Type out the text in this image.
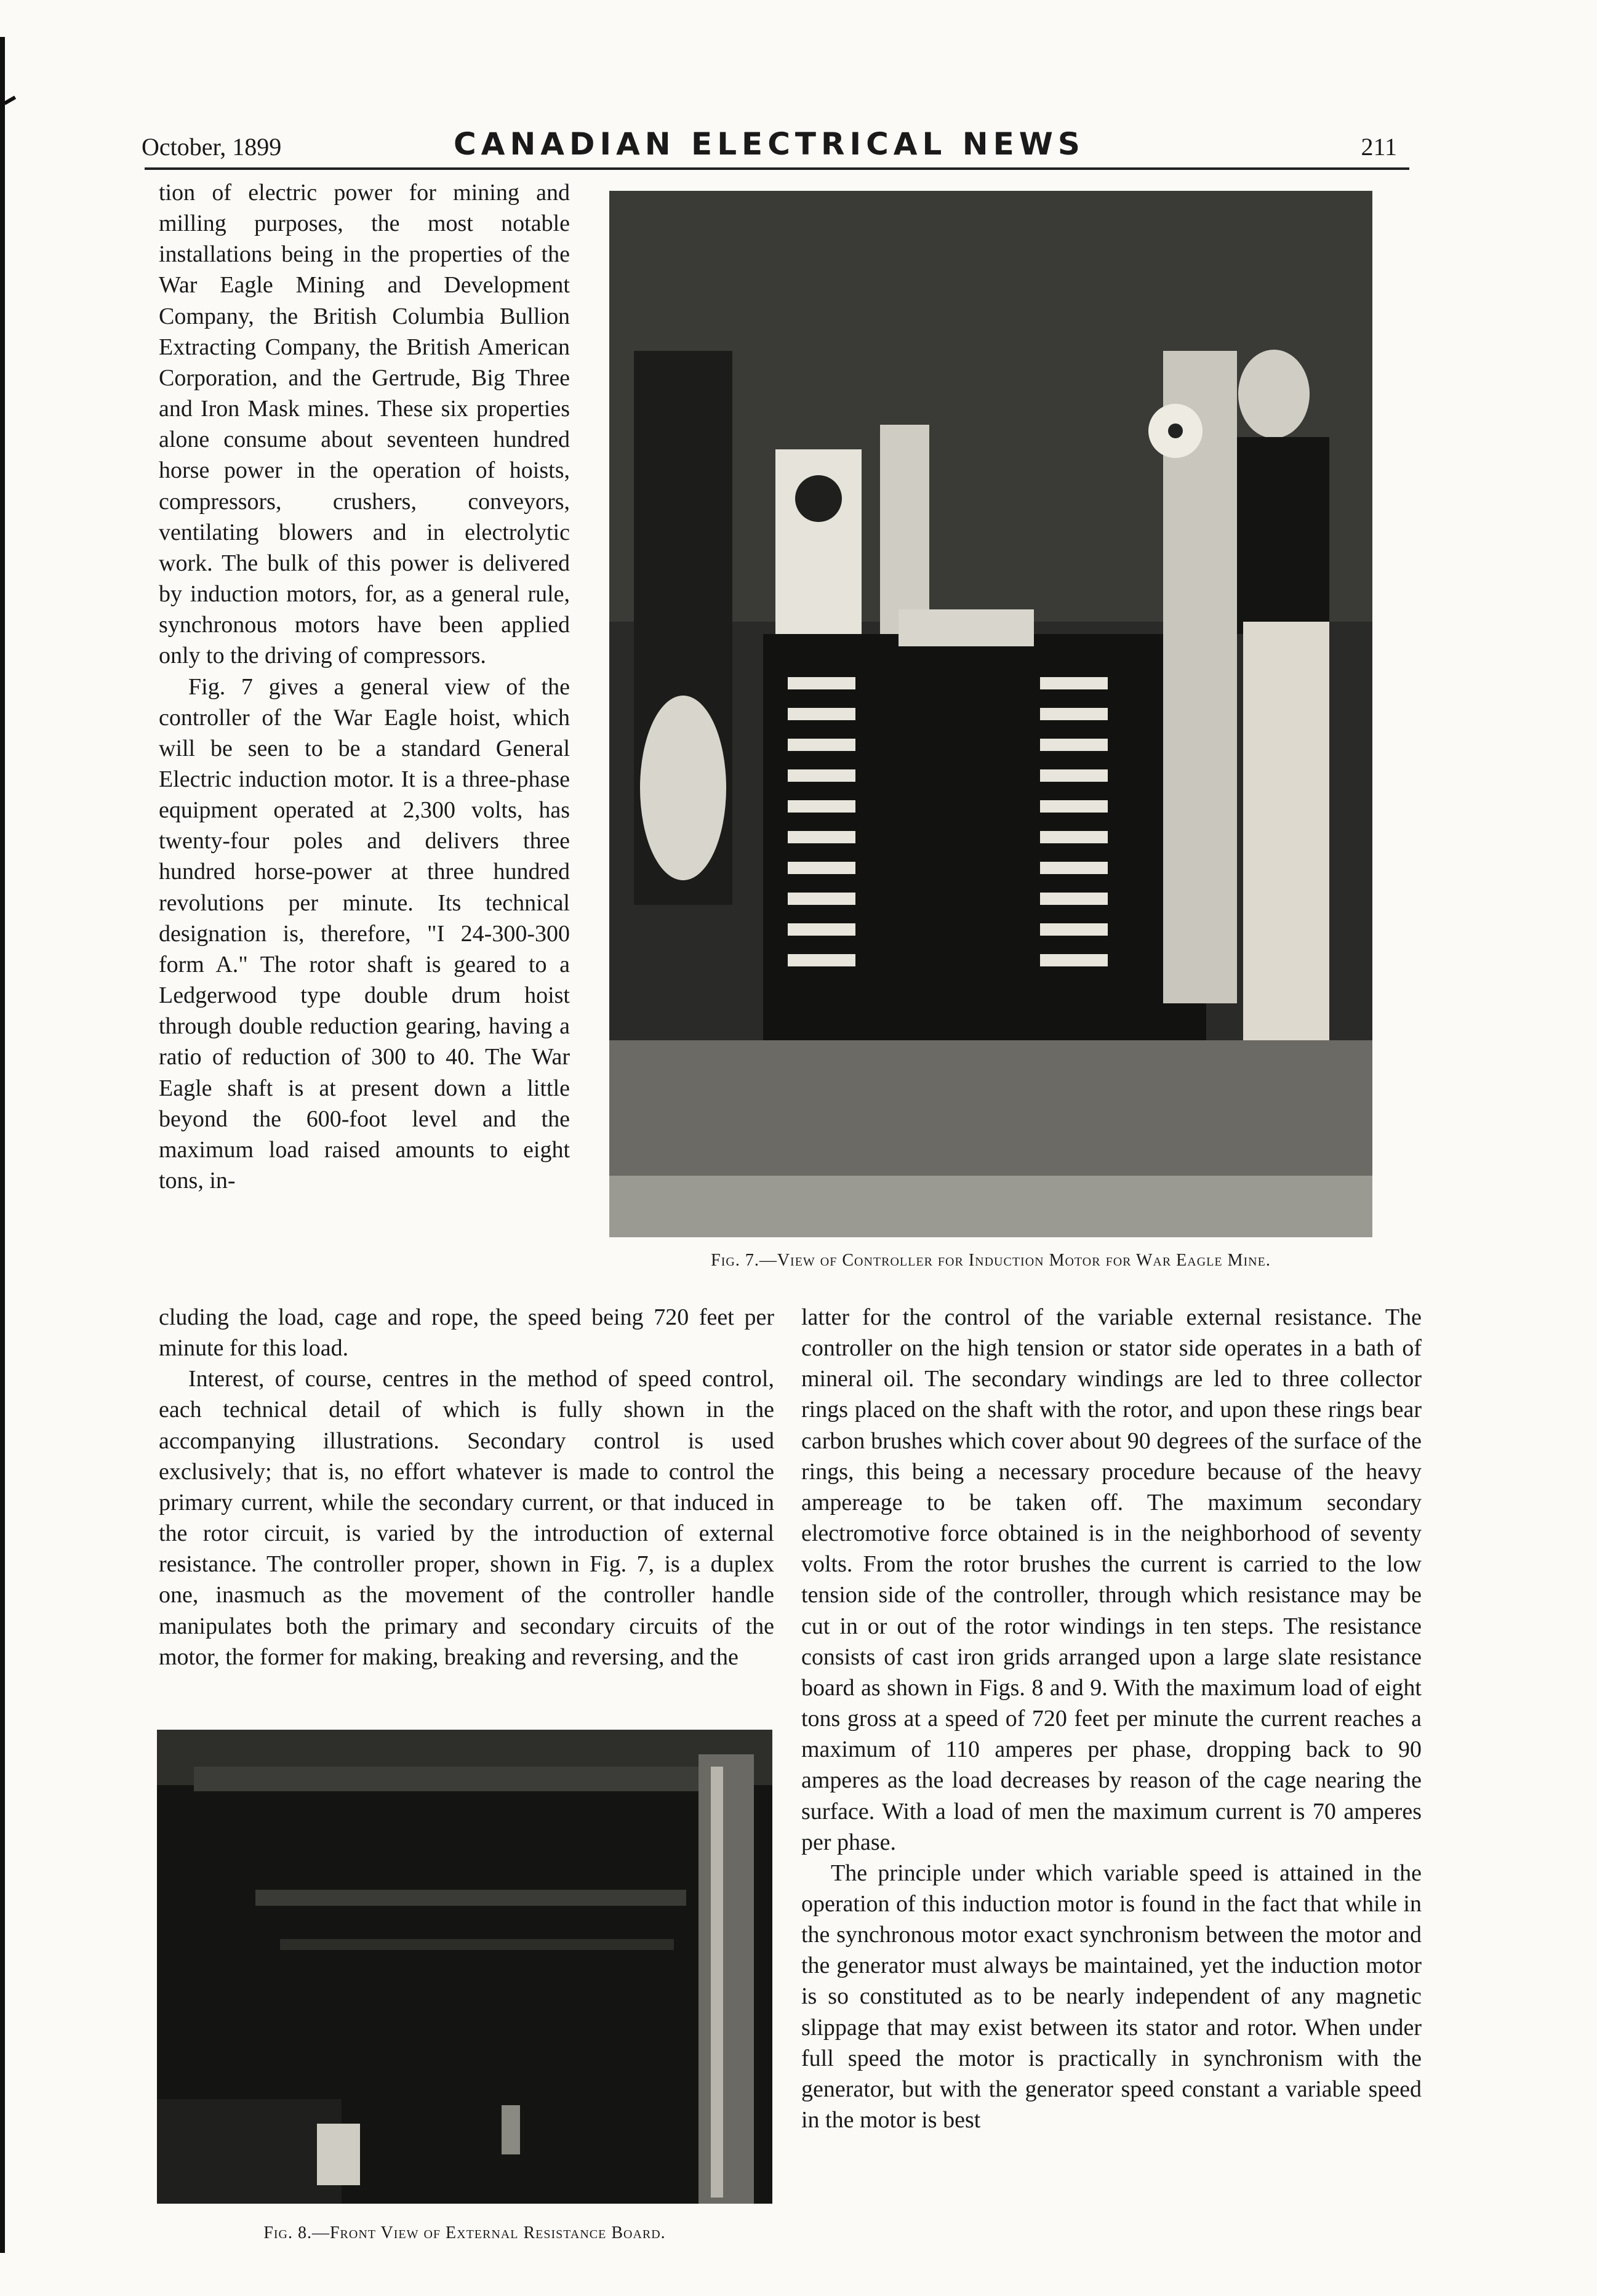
October, 1899	CANADIAN ELECTRICAL NEWS	211

tion of electric power for mining and milling purposes, the most notable installations being in the properties of the War Eagle Mining and Development Company, the British Columbia Bullion Extracting Company, the British American Corporation, and the Gertrude, Big Three and Iron Mask mines. These six properties alone consume about seventeen hundred horse power in the operation of hoists, compressors, crushers, conveyors, ventilating blowers and in electrolytic work. The bulk of this power is delivered by induction motors, for, as a general rule, synchronous motors have been applied only to the driving of compressors.

Fig. 7 gives a general view of the controller of the War Eagle hoist, which will be seen to be a standard General Electric induction motor. It is a three-phase equipment operated at 2,300 volts, has twenty-four poles and delivers three hundred horse-power at three hundred revolutions per minute. Its technical designation is, therefore, "I 24-300-300 form A." The rotor shaft is geared to a Ledgerwood type double drum hoist through double reduction gearing, having a ratio of reduction of 300 to 40. The War Eagle shaft is at present down a little beyond the 600-foot level and the maximum load raised amounts to eight tons, in-

Fig. 7.—View of Controller for Induction Motor for War Eagle Mine.

cluding the load, cage and rope, the speed being 720 feet per minute for this load.

Interest, of course, centres in the method of speed control, each technical detail of which is fully shown in the accompanying illustrations. Secondary control is used exclusively; that is, no effort whatever is made to control the primary current, while the secondary current, or that induced in the rotor circuit, is varied by the introduction of external resistance. The controller proper, shown in Fig. 7, is a duplex one, inasmuch as the movement of the controller handle manipulates both the primary and secondary circuits of the motor, the former for making, breaking and reversing, and the

latter for the control of the variable external resistance. The controller on the high tension or stator side operates in a bath of mineral oil. The secondary windings are led to three collector rings placed on the shaft with the rotor, and upon these rings bear carbon brushes which cover about 90 degrees of the surface of the rings, this being a necessary procedure because of the heavy ampereage to be taken off. The maximum secondary electromotive force obtained is in the neighborhood of seventy volts. From the rotor brushes the current is carried to the low tension side of the controller, through which resistance may be cut in or out of the rotor windings in ten steps. The resistance consists of cast iron grids arranged upon a large slate resistance board as shown in Figs. 8 and 9. With the maximum load of eight tons gross at a speed of 720 feet per minute the current reaches a maximum of 110 amperes per phase, dropping back to 90 amperes as the load decreases by reason of the cage nearing the surface. With a load of men the maximum current is 70 amperes per phase.

The principle under which variable speed is attained in the operation of this induction motor is found in the fact that while in the synchronous motor exact synchronism between the motor and the generator must always be maintained, yet the induction motor is so constituted as to be nearly independent of any magnetic slippage that may exist between its stator and rotor. When under full speed the motor is practically in synchronism with the generator, but with the generator speed constant a variable speed in the motor is best

Fig. 8.—Front View of External Resistance Board.
